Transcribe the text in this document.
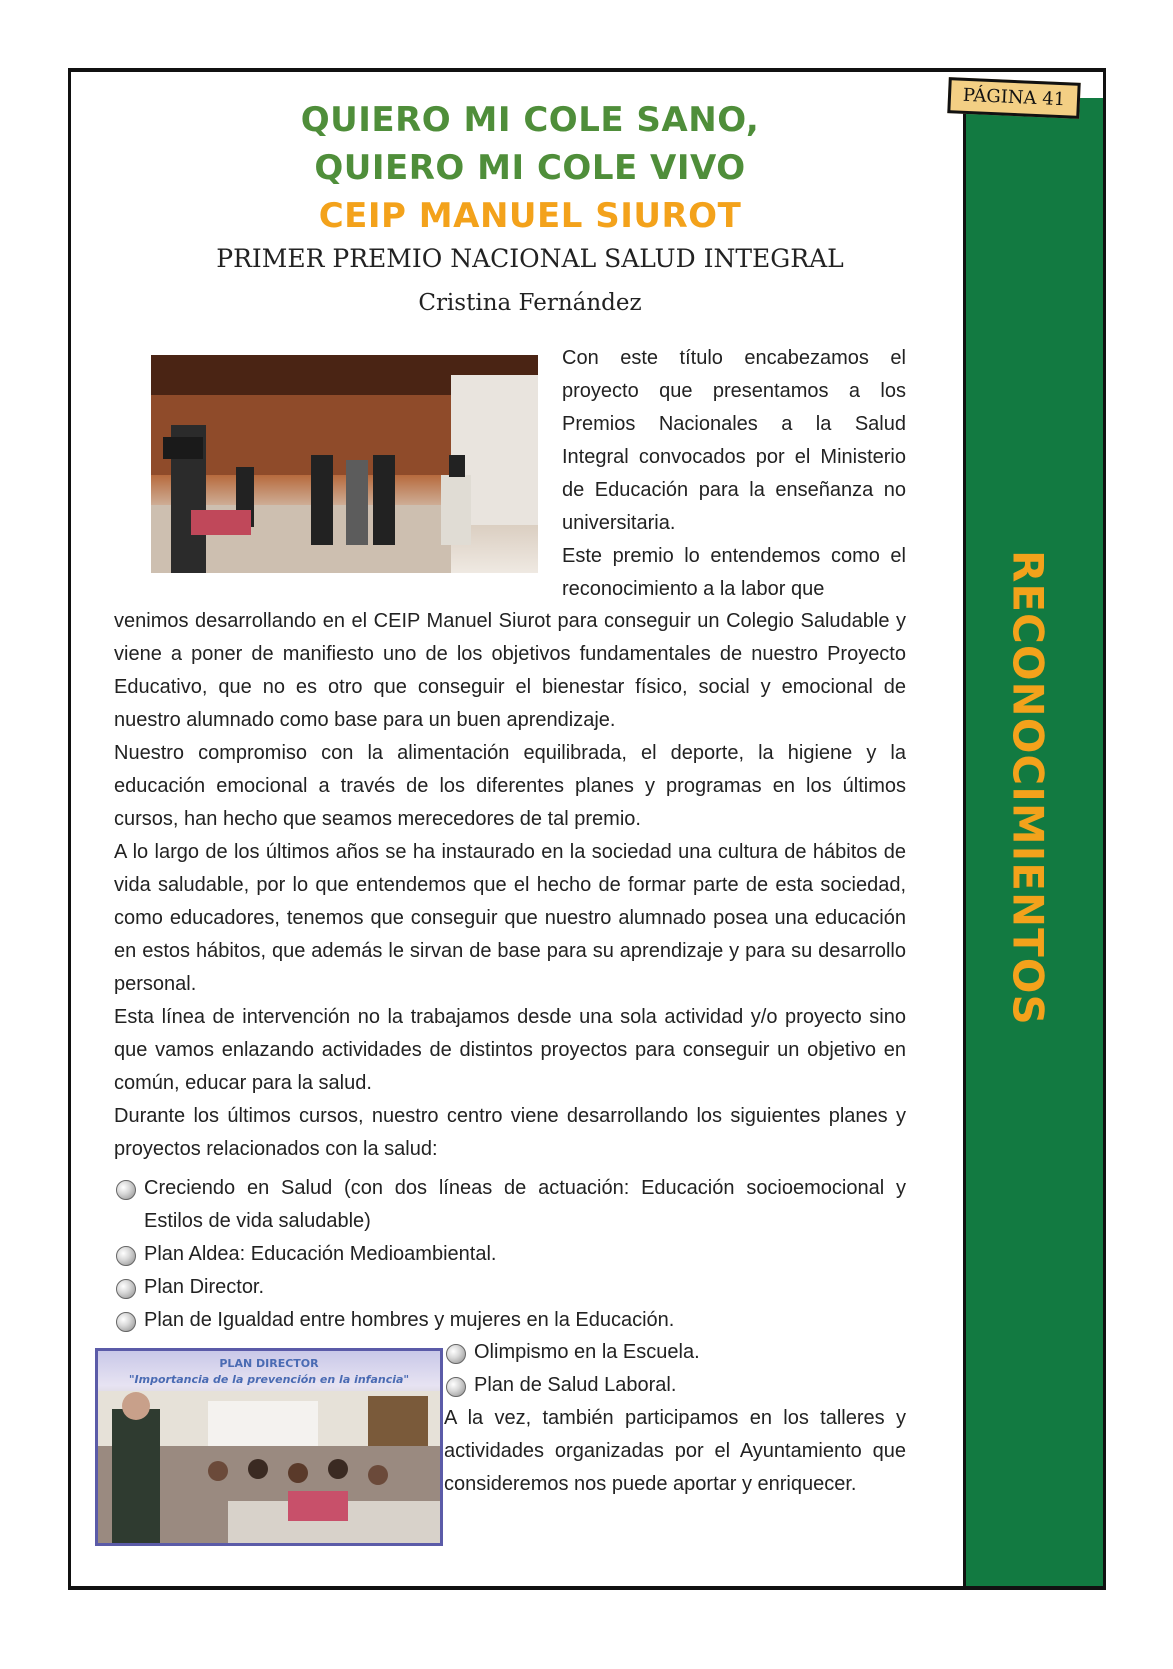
RECONOCIMIENTOS
PÁGINA 41
QUIERO MI COLE SANO,
QUIERO MI COLE VIVO
CEIP MANUEL SIUROT

PRIMER PREMIO NACIONAL SALUD INTEGRAL

Cristina Fernández

Con este título encabezamos el proyecto que presentamos a los Premios Nacionales a la Salud Integral convocados por el Ministerio de Educación para la enseñanza no universitaria.

Este premio lo entendemos como el reconocimiento a la labor que

venimos desarrollando en el CEIP Manuel Siurot para conseguir un Colegio Saludable y viene a poner de manifiesto uno de los objetivos fundamentales de nuestro Proyecto Educativo, que no es otro que conseguir el bienestar físico, social y emocional de nuestro alumnado como base para un buen aprendizaje.

Nuestro compromiso con la alimentación equilibrada, el deporte, la higiene y la educación emocional a través de los diferentes planes y programas en los últimos cursos, han hecho que seamos merecedores de tal premio.

A lo largo de los últimos años se ha instaurado en la sociedad una cultura de hábitos de vida saludable, por lo que entendemos que el hecho de formar parte de esta sociedad, como educadores, tenemos que conseguir que nuestro alumnado posea una educación en estos hábitos, que además le sirvan de base para su aprendizaje y para su desarrollo personal.

Esta línea de intervención no la trabajamos desde una sola actividad y/o proyecto sino que vamos enlazando actividades de distintos proyectos para conseguir un objetivo en común, educar para la salud.

Durante los últimos cursos, nuestro centro viene desarrollando los siguientes planes y proyectos relacionados con la salud:

Creciendo en Salud (con dos líneas de actuación: Educación socioemocional y Estilos de vida saludable)

Plan Aldea: Educación Medioambiental.

Plan Director.

Plan de Igualdad entre hombres y mujeres en la Educación.

PLAN DIRECTOR

"Importancia de la prevención en la infancia"

Olimpismo en la Escuela.

Plan de Salud Laboral.

A la vez, también participamos en los talleres y actividades organizadas por el Ayuntamiento que consideremos nos puede aportar y enriquecer.
